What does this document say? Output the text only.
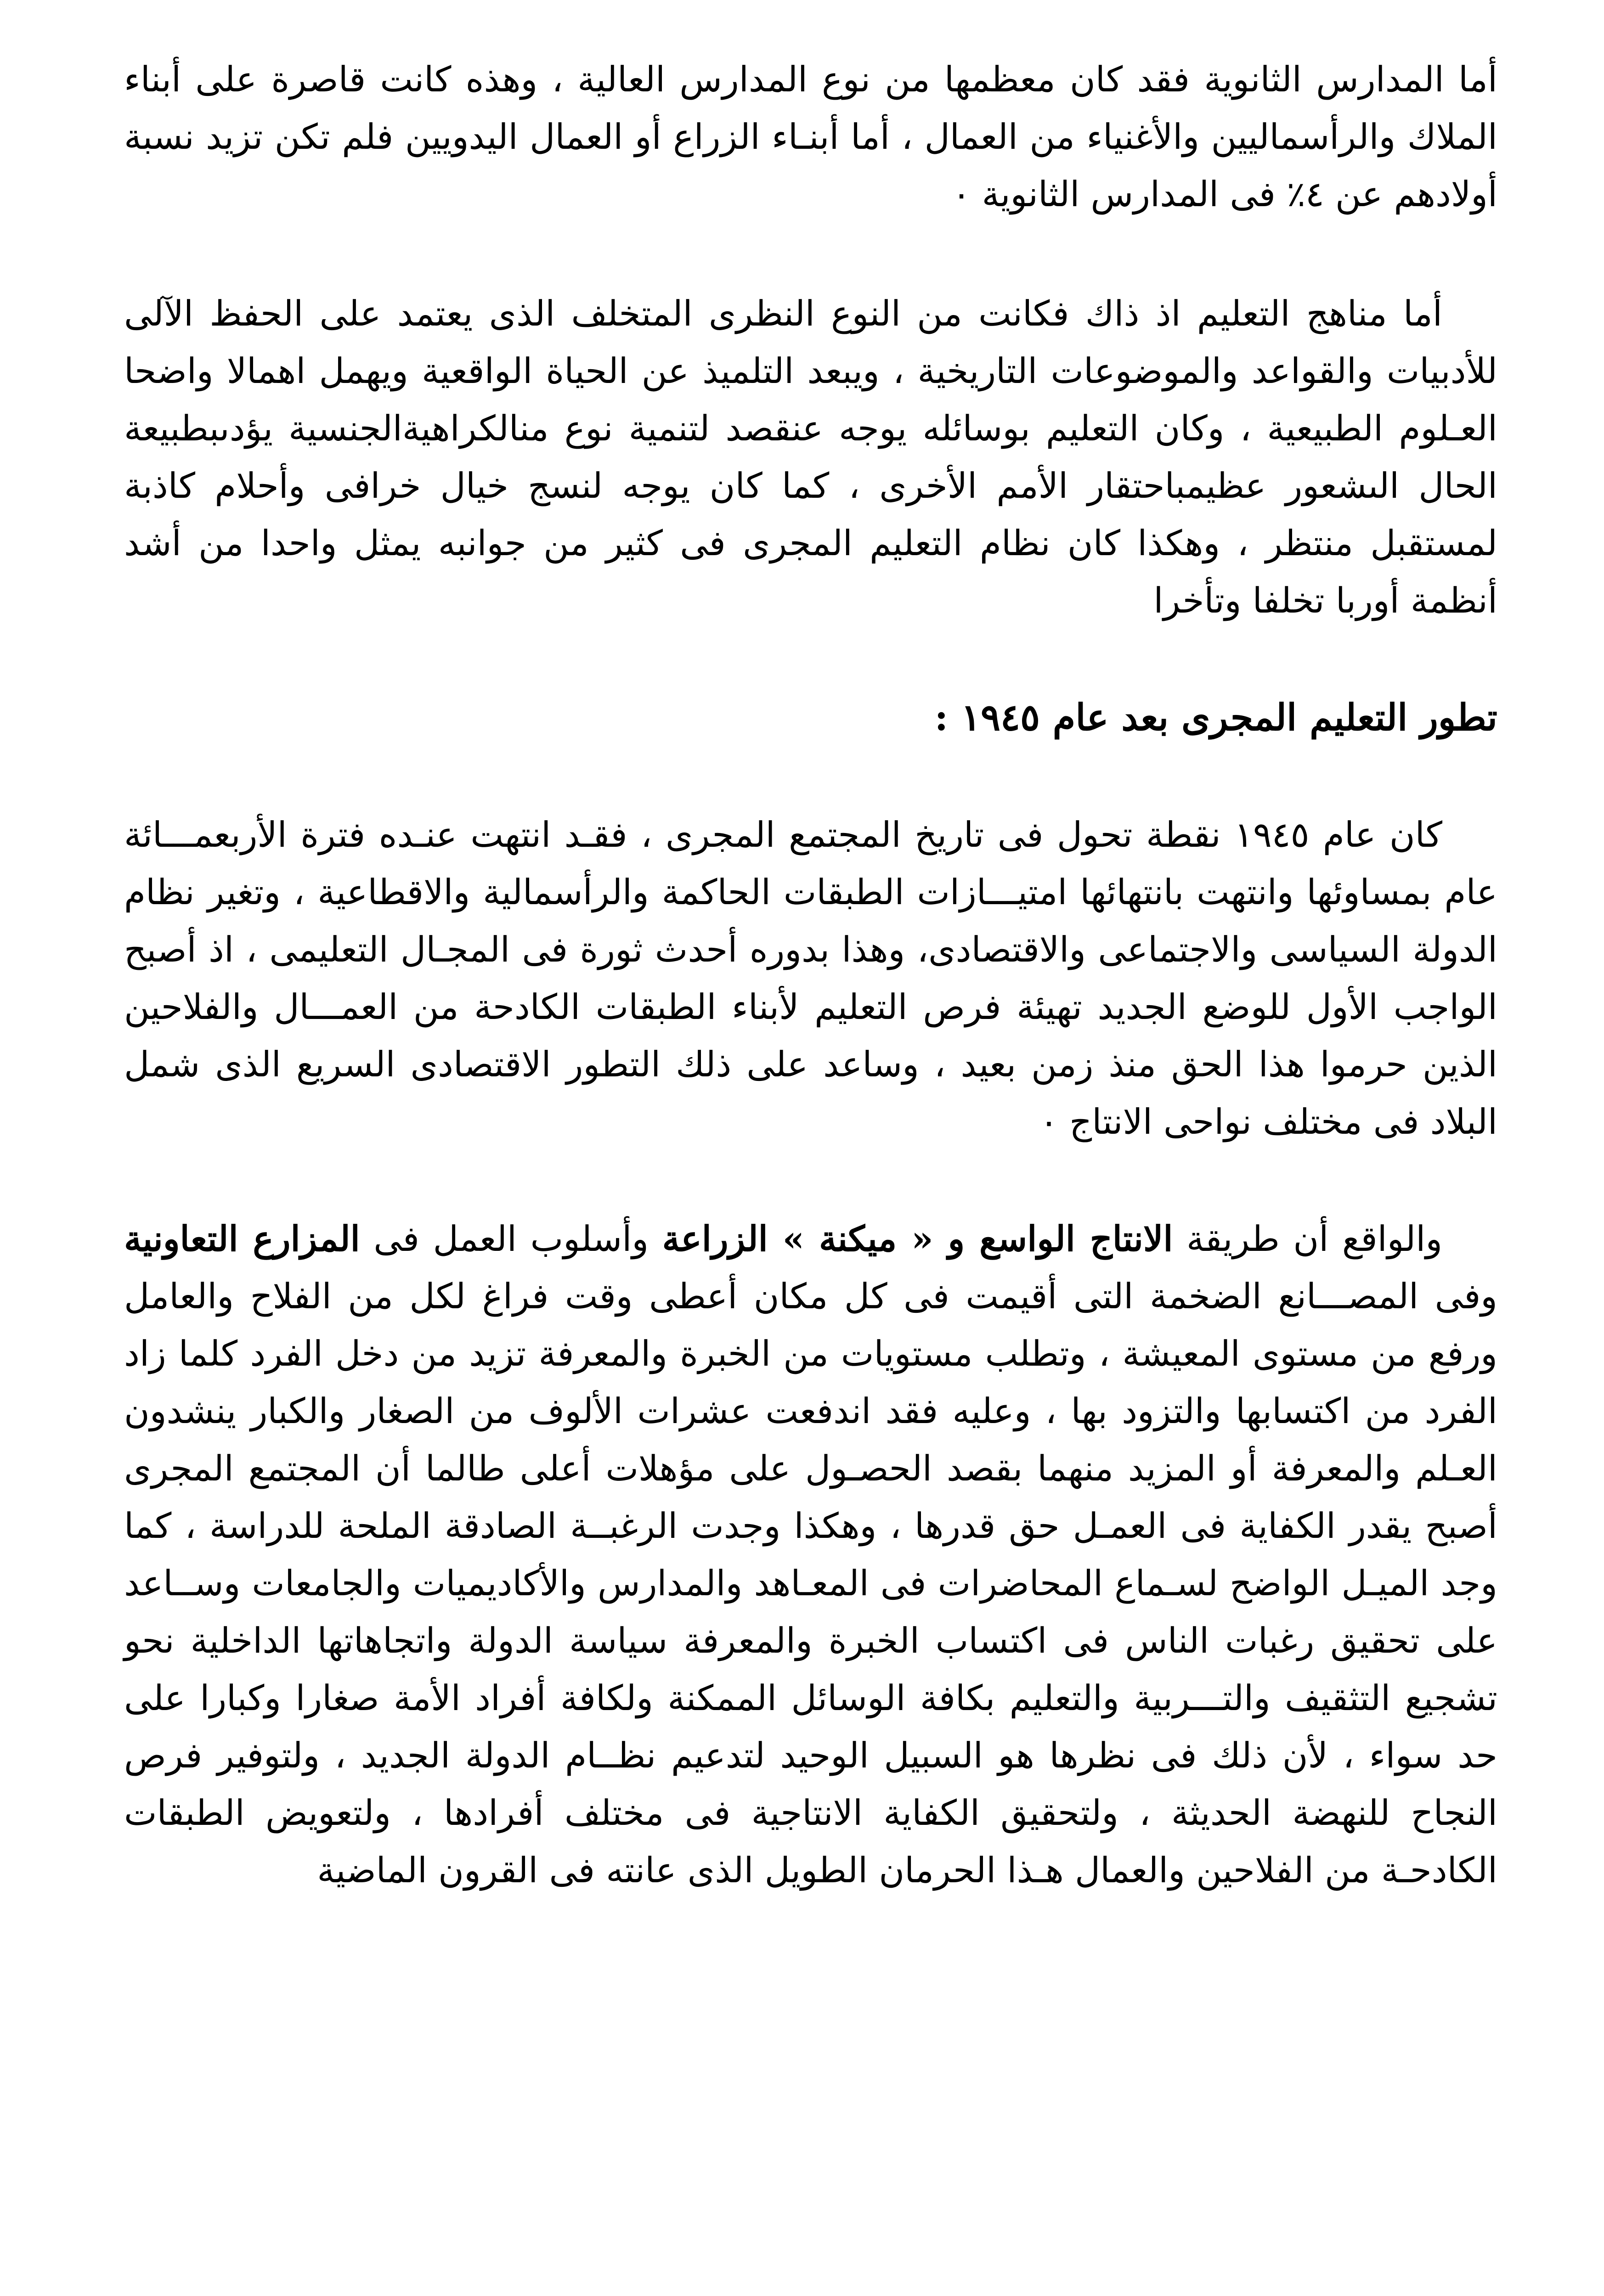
أما المدارس الثانوية فقد كان معظمها من نوع المدارس العالية ، وهذه كانت قاصرة على أبناء الملاك والرأسماليين والأغنياء من العمال ، أما أبنـاء الزراع أو العمال اليدويين فلم تكن تزيد نسبة أولادهم عن ٤٪ فى المدارس الثانوية ٠

أما مناهج التعليم اذ ذاك فكانت من النوع النظرى المتخلف الذى يعتمد على الحفظ الآلى للأدبيات والقواعد والموضوعات التاريخية ، ويبعد التلميذ عن الحياة الواقعية ويهمل اهمالا واضحا العـلوم الطبيعية ، وكان التعليم بوسائله يوجه عنقصد لتنمية نوع منالكراهيةالجنسية يؤدىبطبيعة الحال الىشعور عظيمباحتقار الأمم الأخرى ، كما كان يوجه لنسج خيال خرافى وأحلام كاذبة لمستقبل منتظر ، وهكذا كان نظام التعليم المجرى فى كثير من جوانبه يمثل واحدا من أشد أنظمة أوربا تخلفا وتأخرا

تطور التعليم المجرى بعد عام ١٩٤٥ :

كان عام ١٩٤٥ نقطة تحول فى تاريخ المجتمع المجرى ، فقـد انتهت عنـده فترة الأربعمـــائة عام بمساوئها وانتهت بانتهائها امتيـــازات الطبقات الحاكمة والرأسمالية والاقطاعية ، وتغير نظام الدولة السياسى والاجتماعى والاقتصادى، وهذا بدوره أحدث ثورة فى المجـال التعليمى ، اذ أصبح الواجب الأول للوضع الجديد تهيئة فرص التعليم لأبناء الطبقات الكادحة من العمـــال والفلاحين الذين حرموا هذا الحق منذ زمن بعيد ، وساعد على ذلك التطور الاقتصادى السريع الذى شمل البلاد فى مختلف نواحى الانتاج ٠

والواقع أن طريقة الانتاج الواسع و « ميكنة » الزراعة وأسلوب العمل فى المزارع التعاونية وفى المصـــانع الضخمة التى أقيمت فى كل مكان أعطى وقت فراغ لكل من الفلاح والعامل ورفع من مستوى المعيشة ، وتطلب مستويات من الخبرة والمعرفة تزيد من دخل الفرد كلما زاد الفرد من اكتسابها والتزود بها ، وعليه فقد اندفعت عشرات الألوف من الصغار والكبار ينشدون العـلم والمعرفة أو المزيد منهما بقصد الحصـول على مؤهلات أعلى طالما أن المجتمع المجرى أصبح يقدر الكفاية فى العمـل حق قدرها ، وهكذا وجدت الرغبــة الصادقة الملحة للدراسة ، كما وجد الميـل الواضح لسـماع المحاضرات فى المعـاهد والمدارس والأكاديميات والجامعات وســاعد على تحقيق رغبات الناس فى اكتساب الخبرة والمعرفة سياسة الدولة واتجاهاتها الداخلية نحو تشجيع التثقيف والتـــربية والتعليم بكافة الوسائل الممكنة ولكافة أفراد الأمة صغارا وكبارا على حد سواء ، لأن ذلك فى نظرها هو السبيل الوحيد لتدعيم نظــام الدولة الجديد ، ولتوفير فرص النجاح للنهضة الحديثة ، ولتحقيق الكفاية الانتاجية فى مختلف أفرادها ، ولتعويض الطبقات الكادحـة من الفلاحين والعمال هـذا الحرمان الطويل الذى عانته فى القرون الماضية
